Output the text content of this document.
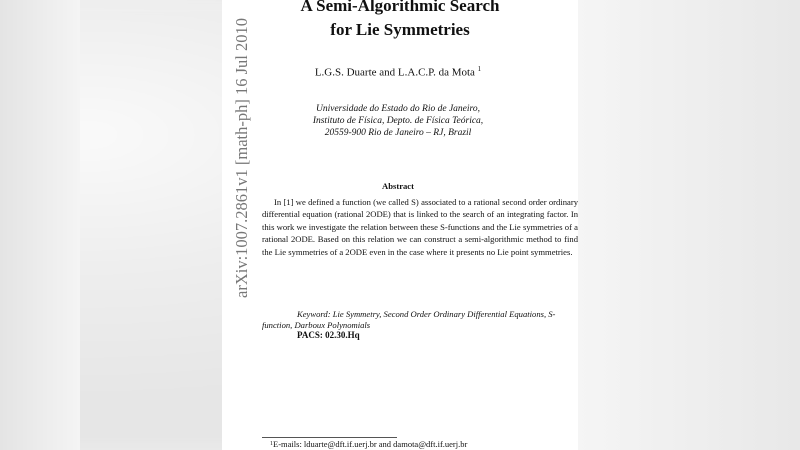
A Semi-Algorithmic Search
for Lie Symmetries
L.G.S. Duarte and L.A.C.P. da Mota $^1$
Universidade do Estado do Rio de Janeiro,
Instituto de Física, Depto. de Física Teórica,
20559-900 Rio de Janeiro – RJ, Brazil
Abstract
In [1] we defined a function (we called S) associated to a rational second order ordinary differential equation (rational 2ODE) that is linked to the search of an integrating factor. In this work we investigate the relation between these S-functions and the Lie symmetries of a rational 2ODE. Based on this relation we can construct a semi-algorithmic method to find the Lie symmetries of a 2ODE even in the case where it presents no Lie point symmetries.
Keyword: Lie Symmetry, Second Order Ordinary Differential Equations, S-function, Darboux Polynomials
PACS: 02.30.Hq
$^1$E-mails: lduarte@dft.if.uerj.br and damota@dft.if.uerj.br
arXiv:1007.2861v1 [math-ph] 16 Jul 2010
